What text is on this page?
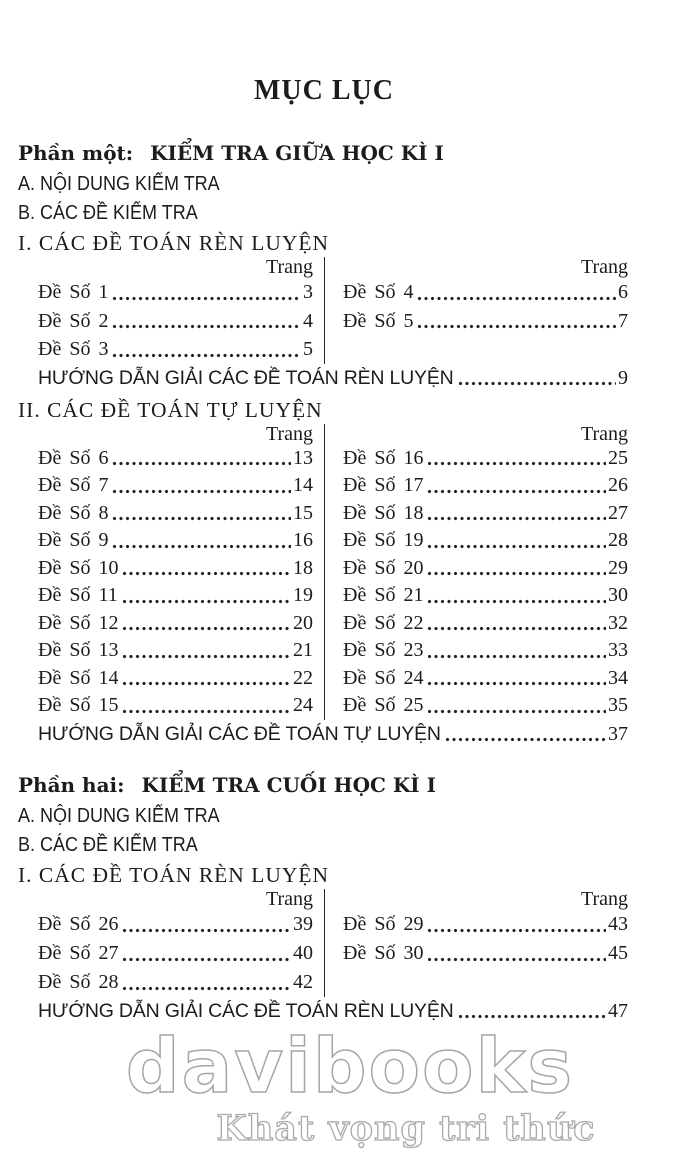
MỤC LỤC
Phần một: KIỂM TRA GIỮA HỌC KÌ I
A. NỘI DUNG KIỂM TRA
B. CÁC ĐỀ KIỂM TRA
I. CÁC ĐỀ TOÁN RÈN LUYỆN
Trang
Đề Số 1	3
Đề Số 2	4
Đề Số 3	5
Trang
Đề Số 4	6
Đề Số 5	7
HƯỚNG DẪN GIẢI CÁC ĐỀ TOÁN RÈN LUYỆN	9
II. CÁC ĐỀ TOÁN TỰ LUYỆN
Trang
Đề Số 6	13
Đề Số 7	14
Đề Số 8	15
Đề Số 9	16
Đề Số 10	18
Đề Số 11	19
Đề Số 12	20
Đề Số 13	21
Đề Số 14	22
Đề Số 15	24
Trang
Đề Số 16	25
Đề Số 17	26
Đề Số 18	27
Đề Số 19	28
Đề Số 20	29
Đề Số 21	30
Đề Số 22	32
Đề Số 23	33
Đề Số 24	34
Đề Số 25	35
HƯỚNG DẪN GIẢI CÁC ĐỀ TOÁN TỰ LUYỆN	37
Phần hai: KIỂM TRA CUỐI HỌC KÌ I
A. NỘI DUNG KIỂM TRA
B. CÁC ĐỀ KIỂM TRA
I. CÁC ĐỀ TOÁN RÈN LUYỆN
Trang
Đề Số 26	39
Đề Số 27	40
Đề Số 28	42
Trang
Đề Số 29	43
Đề Số 30	45
HƯỚNG DẪN GIẢI CÁC ĐỀ TOÁN RÈN LUYỆN	47
davibooks
Khát vọng tri thức
